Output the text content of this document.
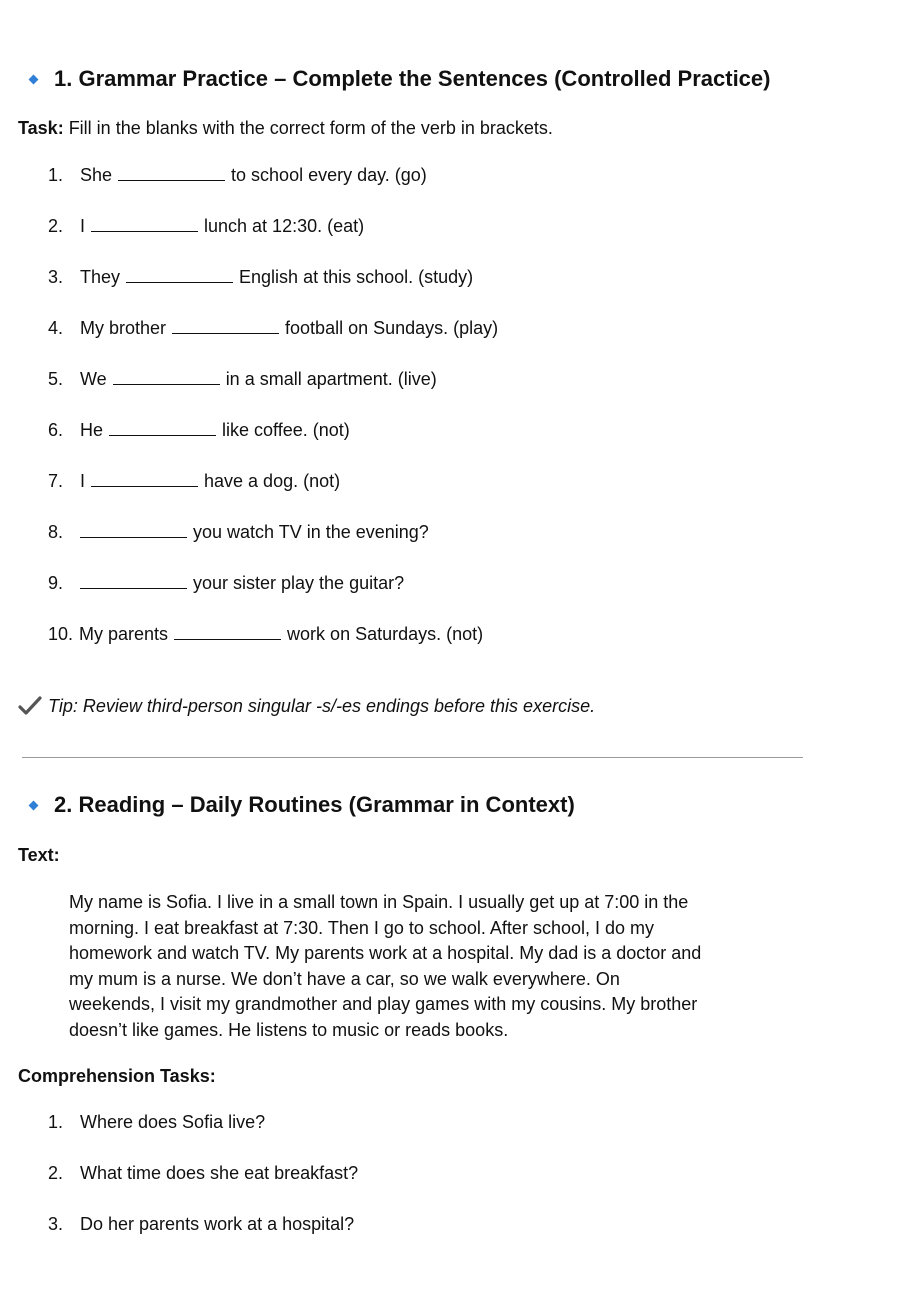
1. Grammar Practice – Complete the Sentences (Controlled Practice)
Task: Fill in the blanks with the correct form of the verb in brackets.
1. She	to school every day. (go)
2. I	lunch at 12:30. (eat)
3. They	English at this school. (study)
4. My brother	football on Sundays. (play)
5. We	in a small apartment. (live)
6. He	like coffee. (not)
7. I	have a dog. (not)
8.	you watch TV in the evening?
9.	your sister play the guitar?
10. My parents	work on Saturdays. (not)
Tip: Review third-person singular -s/-es endings before this exercise.
2. Reading – Daily Routines (Grammar in Context)
Text:

My name is Sofia. I live in a small town in Spain. I usually get up at 7:00 in the

morning. I eat breakfast at 7:30. Then I go to school. After school, I do my

homework and watch TV. My parents work at a hospital. My dad is a doctor and

my mum is a nurse. We don’t have a car, so we walk everywhere. On

weekends, I visit my grandmother and play games with my cousins. My brother

doesn’t like games. He listens to music or reads books.

Comprehension Tasks:
1. Where does Sofia live?
2. What time does she eat breakfast?
3. Do her parents work at a hospital?
